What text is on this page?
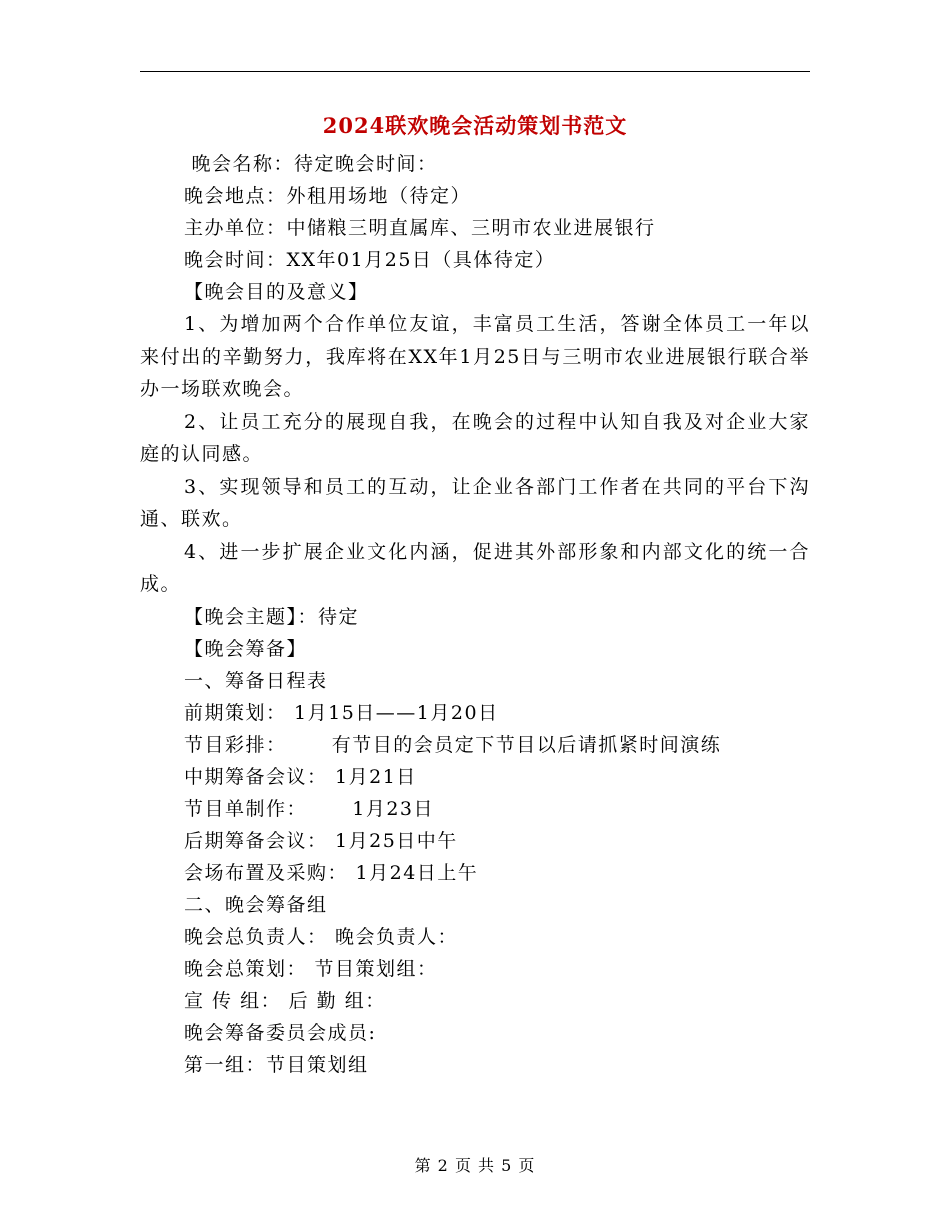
2024联欢晚会活动策划书范文
晚会名称：待定晚会时间：
晚会地点：外租用场地（待定）
主办单位：中储粮三明直属库、三明市农业进展银行
晚会时间：XX年01月25日（具体待定）
【晚会目的及意义】

1、为增加两个合作单位友谊，丰富员工生活，答谢全体员工一年以来付出的辛勤努力，我库将在XX年1月25日与三明市农业进展银行联合举办一场联欢晚会。

2、让员工充分的展现自我，在晚会的过程中认知自我及对企业大家庭的认同感。

3、实现领导和员工的互动，让企业各部门工作者在共同的平台下沟通、联欢。

4、进一步扩展企业文化内涵，促进其外部形象和内部文化的统一合成。

【晚会主题】：待定
【晚会筹备】
一、筹备日程表
前期策划： 1月15日——1月20日
节目彩排：      有节目的会员定下节目以后请抓紧时间演练
中期筹备会议： 1月21日
节目单制作：      1月23日
后期筹备会议： 1月25日中午
会场布置及采购： 1月24日上午
二、晚会筹备组
晚会总负责人： 晚会负责人：
晚会总策划： 节目策划组：
宣 传 组： 后 勤 组：
晚会筹备委员会成员:
第一组：节目策划组
第 2 页 共 5 页
